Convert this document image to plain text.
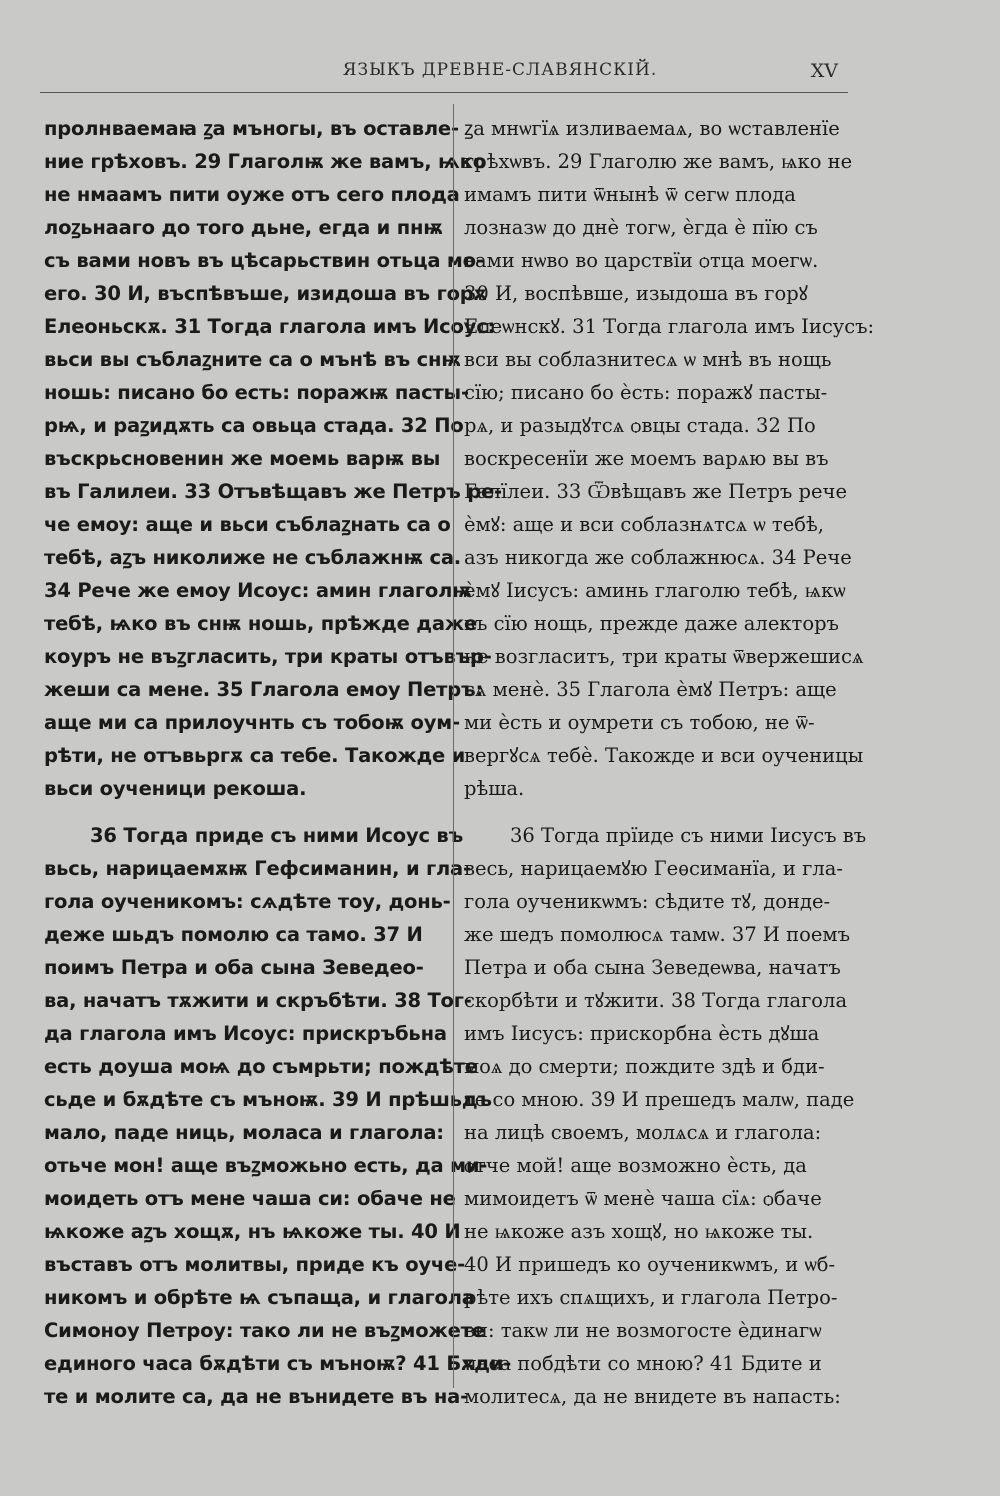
ЯЗЫКЪ ДРЕВНЕ-СЛАВЯНСКІЙ.	XV
пролнваемаꙗ ꙁа мъногы, въ оставле-
ние грѣховъ. 29 Глаголѭ же вамъ, ѩко
не нмаамъ пити оуже отъ сего плода
лоꙁьнааго до того дьне, егда и пнѭ
съ вами новъ въ цѣсарьствин отьца мо-
его. 30 И, въспѣвъше, изидоша въ горѫ
Елеоньскѫ. 31 Тогда глагола имъ Исоус:
вьси вы съблаꙁните са о мънѣ въ снѭ
ношь: писано бо есть: поражѭ пасты-
рѩ, и раꙁидѫть са овьца стада. 32 По
въскрьсновенин же моемь варѭ вы
въ Галилеи. 33 Отъвѣщавъ же Петръ ре-
че емоу: аще и вьси съблаꙁнать са о
тебѣ, аꙁъ николиже не съблажнѭ са.
34 Рече же емоу Исоус: амин глаголѭ
тебѣ, ѩко въ снѭ ношь, прѣжде даже
коуръ не въꙁгласить, три краты отъвър-
жеши са мене. 35 Глагола емоу Петръ:
аще ми са прилоучнть съ тобоѭ оум-
рѣти, не отъвьргѫ са тебе. Такожде и
вьси оученици рекоша.
36 Тогда приде съ ними Исоус въ
вьсь, нарицаемѫѭ Гефсиманин, и гла-
гола оученикомъ: сѧдѣте тоу, донь-
деже шьдъ помолю са тамо. 37 И
поимъ Петра и оба сына Зеведео-
ва, начатъ тѫжити и скръбѣти. 38 Тог-
да глагола имъ Исоус: прискръбьна
есть доуша моѩ до съмрьти; пождѣте
сьде и бѫдѣте съ мъноѭ. 39 И прѣшьдъ
мало, паде ниць, моласа и глагола:
отьче мон! аще въꙁможьно есть, да ми-
моидеть отъ мене чаша си: обаче не
ѩкоже аꙁъ хощѫ, нъ ѩкоже ты. 40 И
въставъ отъ молитвы, приде къ оуче-
никомъ и обрѣте ѩ съпаща, и глагола
Симоноу Петроу: тако ли не въꙁможете
единого часа бѫдѣти съ мъноѭ? 41 Бѫди-
те и молите са, да не вънидете въ на-
ꙁа мнѡгїѧ изливаемаѧ, во ѡставленїе
грѣхѡвъ. 29 Глаголю же вамъ, ѩко не
имамъ пити ѿнынѣ ѿ сегѡ плода
лозназѡ до днѐ тогѡ, ѐгда ѐ пїю съ
вами нѡво во царствїи ѻтца моегѡ.
30 И, воспѣвше, изыдоша въ горꙋ
Елеѡнскꙋ. 31 Тогда глагола имъ Іисусъ:
вси вы соблазнитесѧ ѡ мнѣ въ нощь
сїю; писано бо ѐсть: поражꙋ пасты-
рѧ, и разыдꙋтсѧ ѻвцы стада. 32 По
воскресенїи же моемъ варѧю вы въ
Галїлеи. 33 Ѿвѣщавъ же Петръ рече
ѐмꙋ: аще и вси соблазнѧтсѧ ѡ тебѣ,
азъ никогда же соблажнюсѧ. 34 Рече
ѐмꙋ Іисусъ: аминь глаголю тебѣ, ѩкѡ
въ сїю нощь, прежде даже алекторъ
не возгласитъ, три краты ѿвержешисѧ
сѧ менѐ. 35 Глагола ѐмꙋ Петръ: аще
ми ѐсть и оумрети съ тобою, не ѿ-
вергꙋсѧ тебѐ. Такожде и вси оученицы
рѣша.
36 Тогда прїиде съ ними Іисусъ въ
весь, нарицаемꙋю Геѳсиманїа, и гла-
гола оученикѡмъ: сѣдите тꙋ, донде-
же шедъ помолюсѧ тамѡ. 37 И поемъ
Петра и оба сына Зеведеѡва, начатъ
скорбѣти и тꙋжити. 38 Тогда глагола
имъ Іисусъ: прискорбна ѐсть дꙋша
моѧ до смерти; пождите здѣ и бди-
те со мною. 39 И прешедъ малѡ, паде
на лицѣ своемъ, молѧсѧ и глагола:
ѻтче мой! аще возможно ѐсть, да
мимоидетъ ѿ менѐ чаша сїѧ: ѻбаче
не ѩкоже азъ хощꙋ, но ѩкоже ты.
40 И пришедъ ко оученикѡмъ, и ѡб-
рѣте ихъ спѧщихъ, и глагола Петро-
ви: такѡ ли не возмогосте ѐдинагѡ
часа побдѣти со мною? 41 Бдите и
молитесѧ, да не внидете въ напасть:
